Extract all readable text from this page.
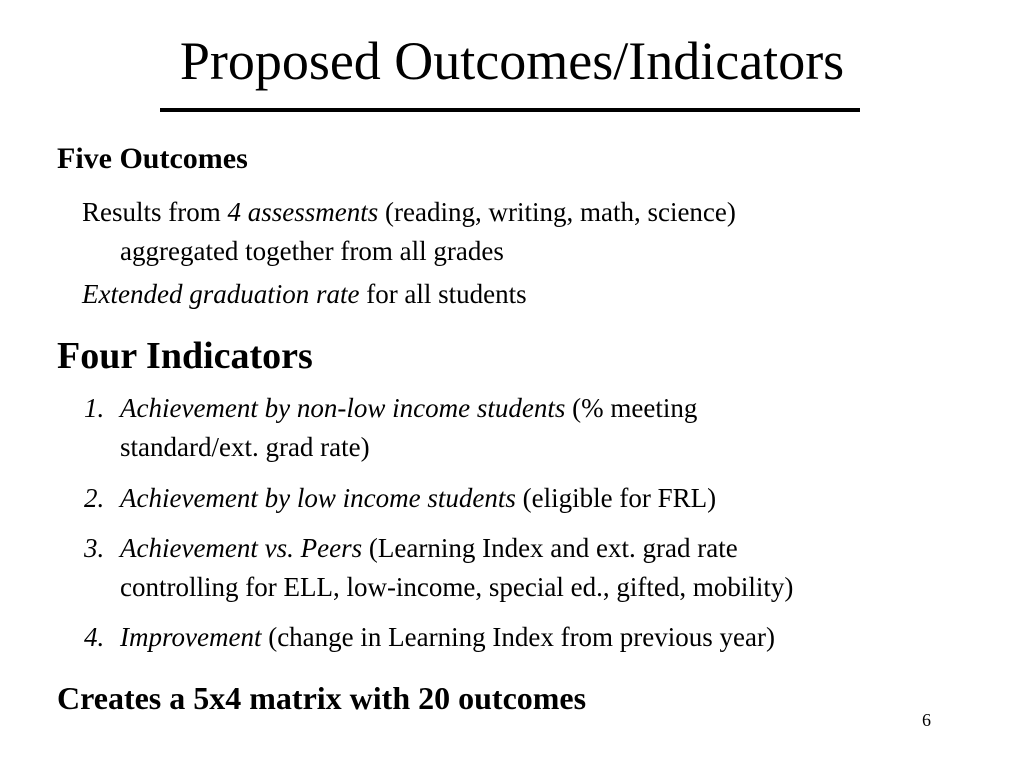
Proposed Outcomes/Indicators
Five Outcomes
Results from 4 assessments (reading, writing, math, science)
aggregated together from all grades
Extended graduation rate for all students
Four Indicators
1. Achievement by non-low income students (% meeting
standard/ext. grad rate)
2. Achievement by low income students (eligible for FRL)
3. Achievement vs. Peers (Learning Index and ext. grad rate
controlling for ELL, low-income, special ed., gifted, mobility)
4. Improvement (change in Learning Index from previous year)
Creates a 5x4 matrix with 20 outcomes
6
